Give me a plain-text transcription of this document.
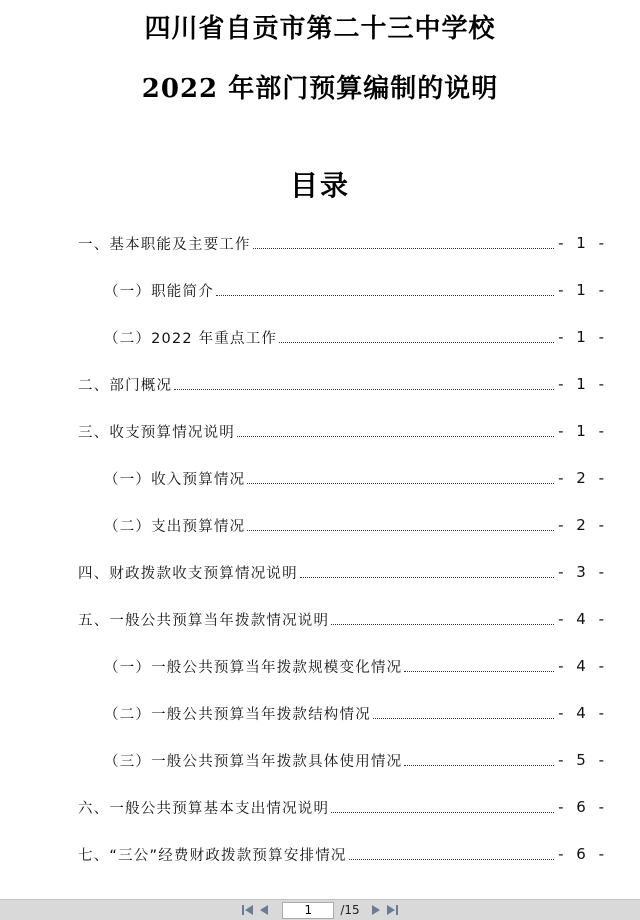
四川省自贡市第二十三中学校
2022 年部门预算编制的说明
目录
一、基本职能及主要工作	- 1 -
（一）职能简介	- 1 -
（二）2022 年重点工作	- 1 -
二、部门概况	- 1 -
三、收支预算情况说明	- 1 -
（一）收入预算情况	- 2 -
（二）支出预算情况	- 2 -
四、财政拨款收支预算情况说明	- 3 -
五、一般公共预算当年拨款情况说明	- 4 -
（一）一般公共预算当年拨款规模变化情况	- 4 -
（二）一般公共预算当年拨款结构情况	- 4 -
（三）一般公共预算当年拨款具体使用情况	- 5 -
六、一般公共预算基本支出情况说明	- 6 -
七、“三公”经费财政拨款预算安排情况	- 6 -
1
/15
